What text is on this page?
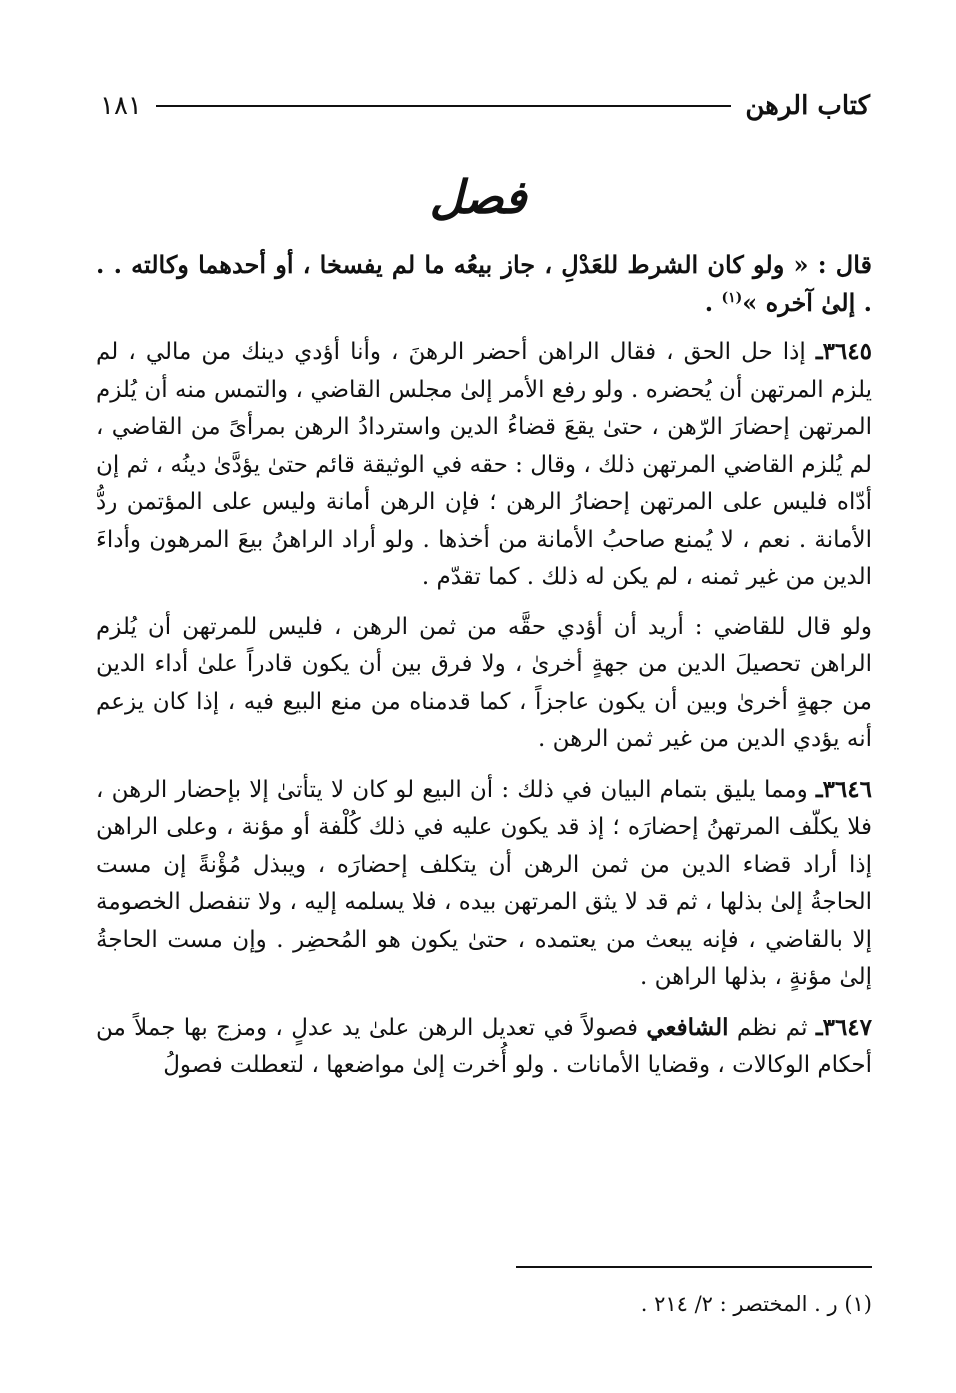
كتاب الرهن
١٨١
فصل

قال : « ولو كان الشرط للعَدْلِ ، جاز بيعُه ما لم يفسخا ، أو أحدهما وكالته . . . إلىٰ آخره »$^{(١)}$ .

٣٦٤٥ـ إذا حل الحق ، فقال الراهن أحضر الرهنَ ، وأنا أؤدي دينك من مالي ، لم يلزم المرتهن أن يُحضره . ولو رفع الأمر إلىٰ مجلس القاضي ، والتمس منه أن يُلزم المرتهن إحضارَ الرّهن ، حتىٰ يقعَ قضاءُ الدين واستردادُ الرهن بمرأىً من القاضي ، لم يُلزم القاضي المرتهن ذلك ، وقال : حقه في الوثيقة قائم حتىٰ يؤدَّىٰ دينُه ، ثم إن أدّاه فليس على المرتهن إحضارُ الرهن ؛ فإن الرهن أمانة وليس على المؤتمن ردُّ الأمانة . نعم ، لا يُمنع صاحبُ الأمانة من أخذها . ولو أراد الراهنُ بيعَ المرهون وأداءَ الدين من غير ثمنه ، لم يكن له ذلك . كما تقدّم .

ولو قال للقاضي : أريد أن أؤدي حقَّه من ثمن الرهن ، فليس للمرتهن أن يُلزم الراهن تحصيلَ الدين من جهةٍ أخرىٰ ، ولا فرق بين أن يكون قادراً علىٰ أداء الدين من جهةٍ أخرىٰ وبين أن يكون عاجزاً ، كما قدمناه من منع البيع فيه ، إذا كان يزعم أنه يؤدي الدين من غير ثمن الرهن .

٣٦٤٦ـ ومما يليق بتمام البيان في ذلك : أن البيع لو كان لا يتأتىٰ إلا بإحضار الرهن ، فلا يكلّف المرتهنُ إحضارَه ؛ إذ قد يكون عليه في ذلك كُلْفة أو مؤنة ، وعلى الراهن إذا أراد قضاء الدين من ثمن الرهن أن يتكلف إحضارَه ، ويبذل مُؤْنةً إن مست الحاجةُ إلىٰ بذلها ، ثم قد لا يثق المرتهن بيده ، فلا يسلمه إليه ، ولا تنفصل الخصومة إلا بالقاضي ، فإنه يبعث من يعتمده ، حتىٰ يكون هو المُحضِر . وإن مست الحاجةُ إلىٰ مؤنةٍ ، بذلها الراهن .

٣٦٤٧ـ ثم نظم الشافعي فصولاً في تعديل الرهن علىٰ يد عدلٍ ، ومزج بها جملاً من أحكام الوكالات ، وقضايا الأمانات . ولو أُخرت إلىٰ مواضعها ، لتعطلت فصولُ

(١) ر . المختصر : ٢/ ٢١٤ .
